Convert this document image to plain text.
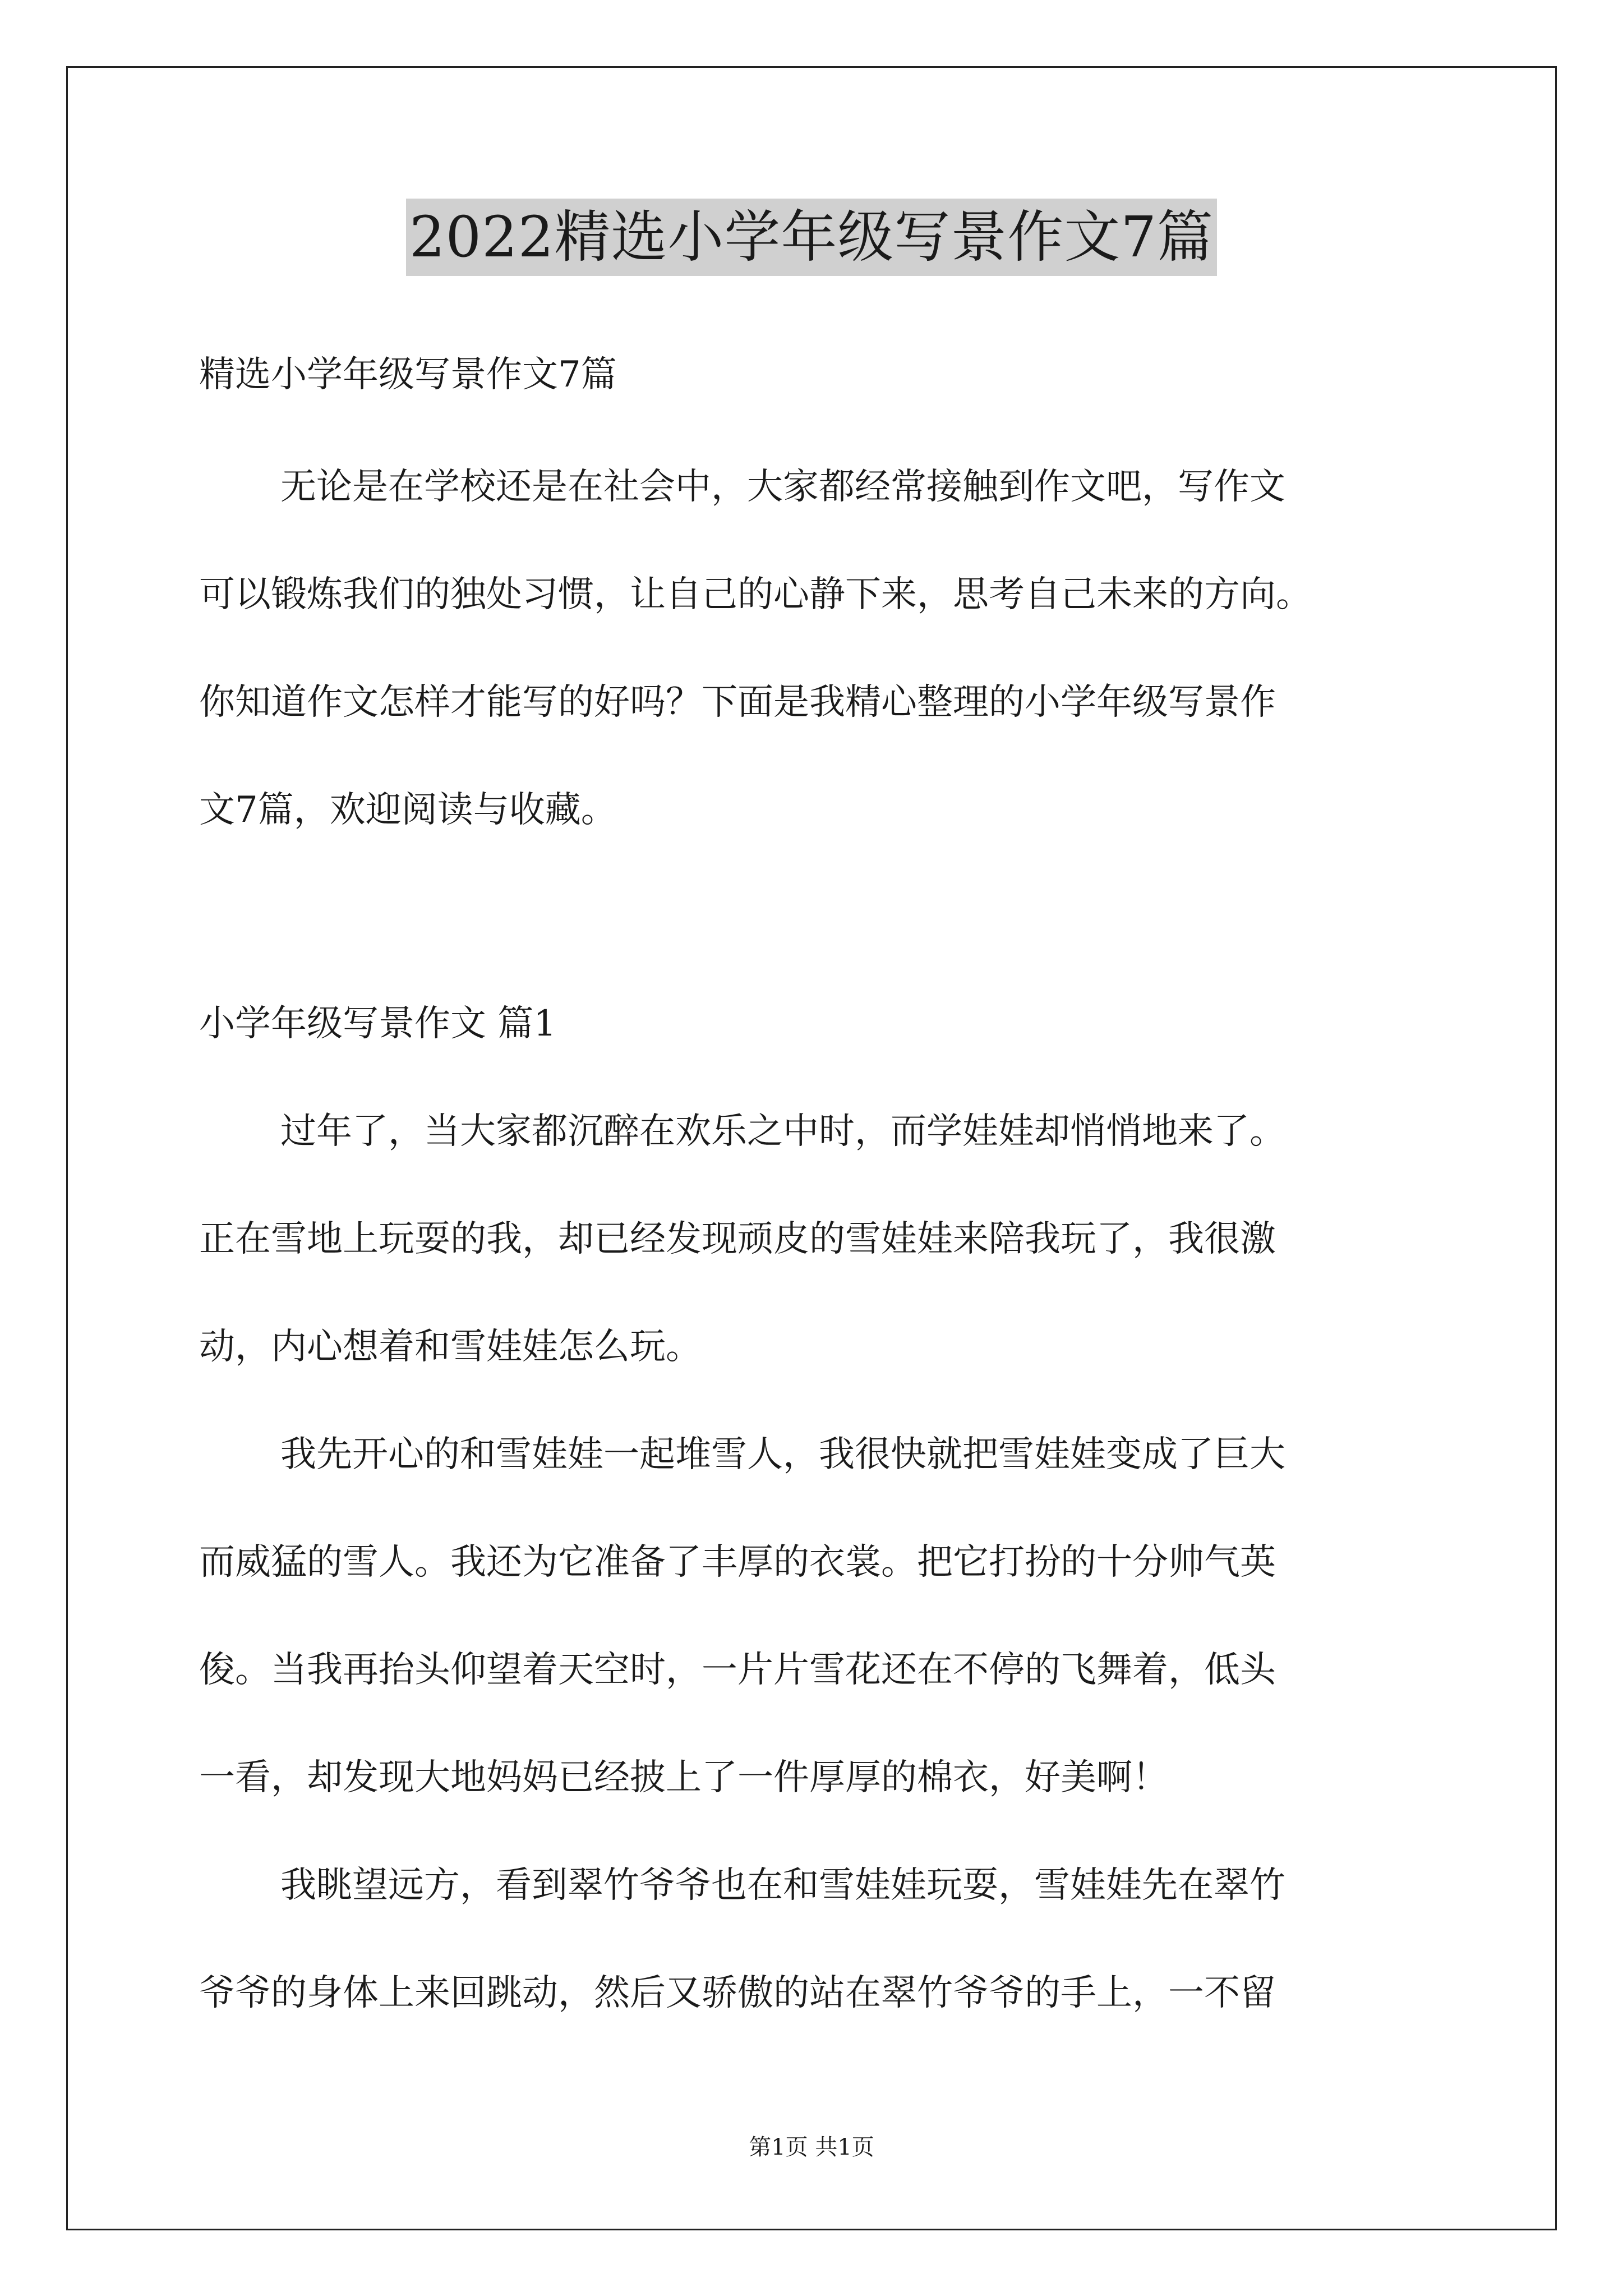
2022精选小学年级写景作文7篇
精选小学年级写景作文7篇
无论是在学校还是在社会中，大家都经常接触到作文吧，写作文
可以锻炼我们的独处习惯，让自己的心静下来，思考自己未来的方向。
你知道作文怎样才能写的好吗？下面是我精心整理的小学年级写景作
文7篇，欢迎阅读与收藏。
小学年级写景作文 篇1
过年了，当大家都沉醉在欢乐之中时，而学娃娃却悄悄地来了。
正在雪地上玩耍的我，却已经发现顽皮的雪娃娃来陪我玩了，我很激
动，内心想着和雪娃娃怎么玩。
我先开心的和雪娃娃一起堆雪人，我很快就把雪娃娃变成了巨大
而威猛的雪人。我还为它准备了丰厚的衣裳。把它打扮的十分帅气英
俊。当我再抬头仰望着天空时，一片片雪花还在不停的飞舞着，低头
一看，却发现大地妈妈已经披上了一件厚厚的棉衣，好美啊！
我眺望远方，看到翠竹爷爷也在和雪娃娃玩耍，雪娃娃先在翠竹
爷爷的身体上来回跳动，然后又骄傲的站在翠竹爷爷的手上，一不留
第1页 共1页
